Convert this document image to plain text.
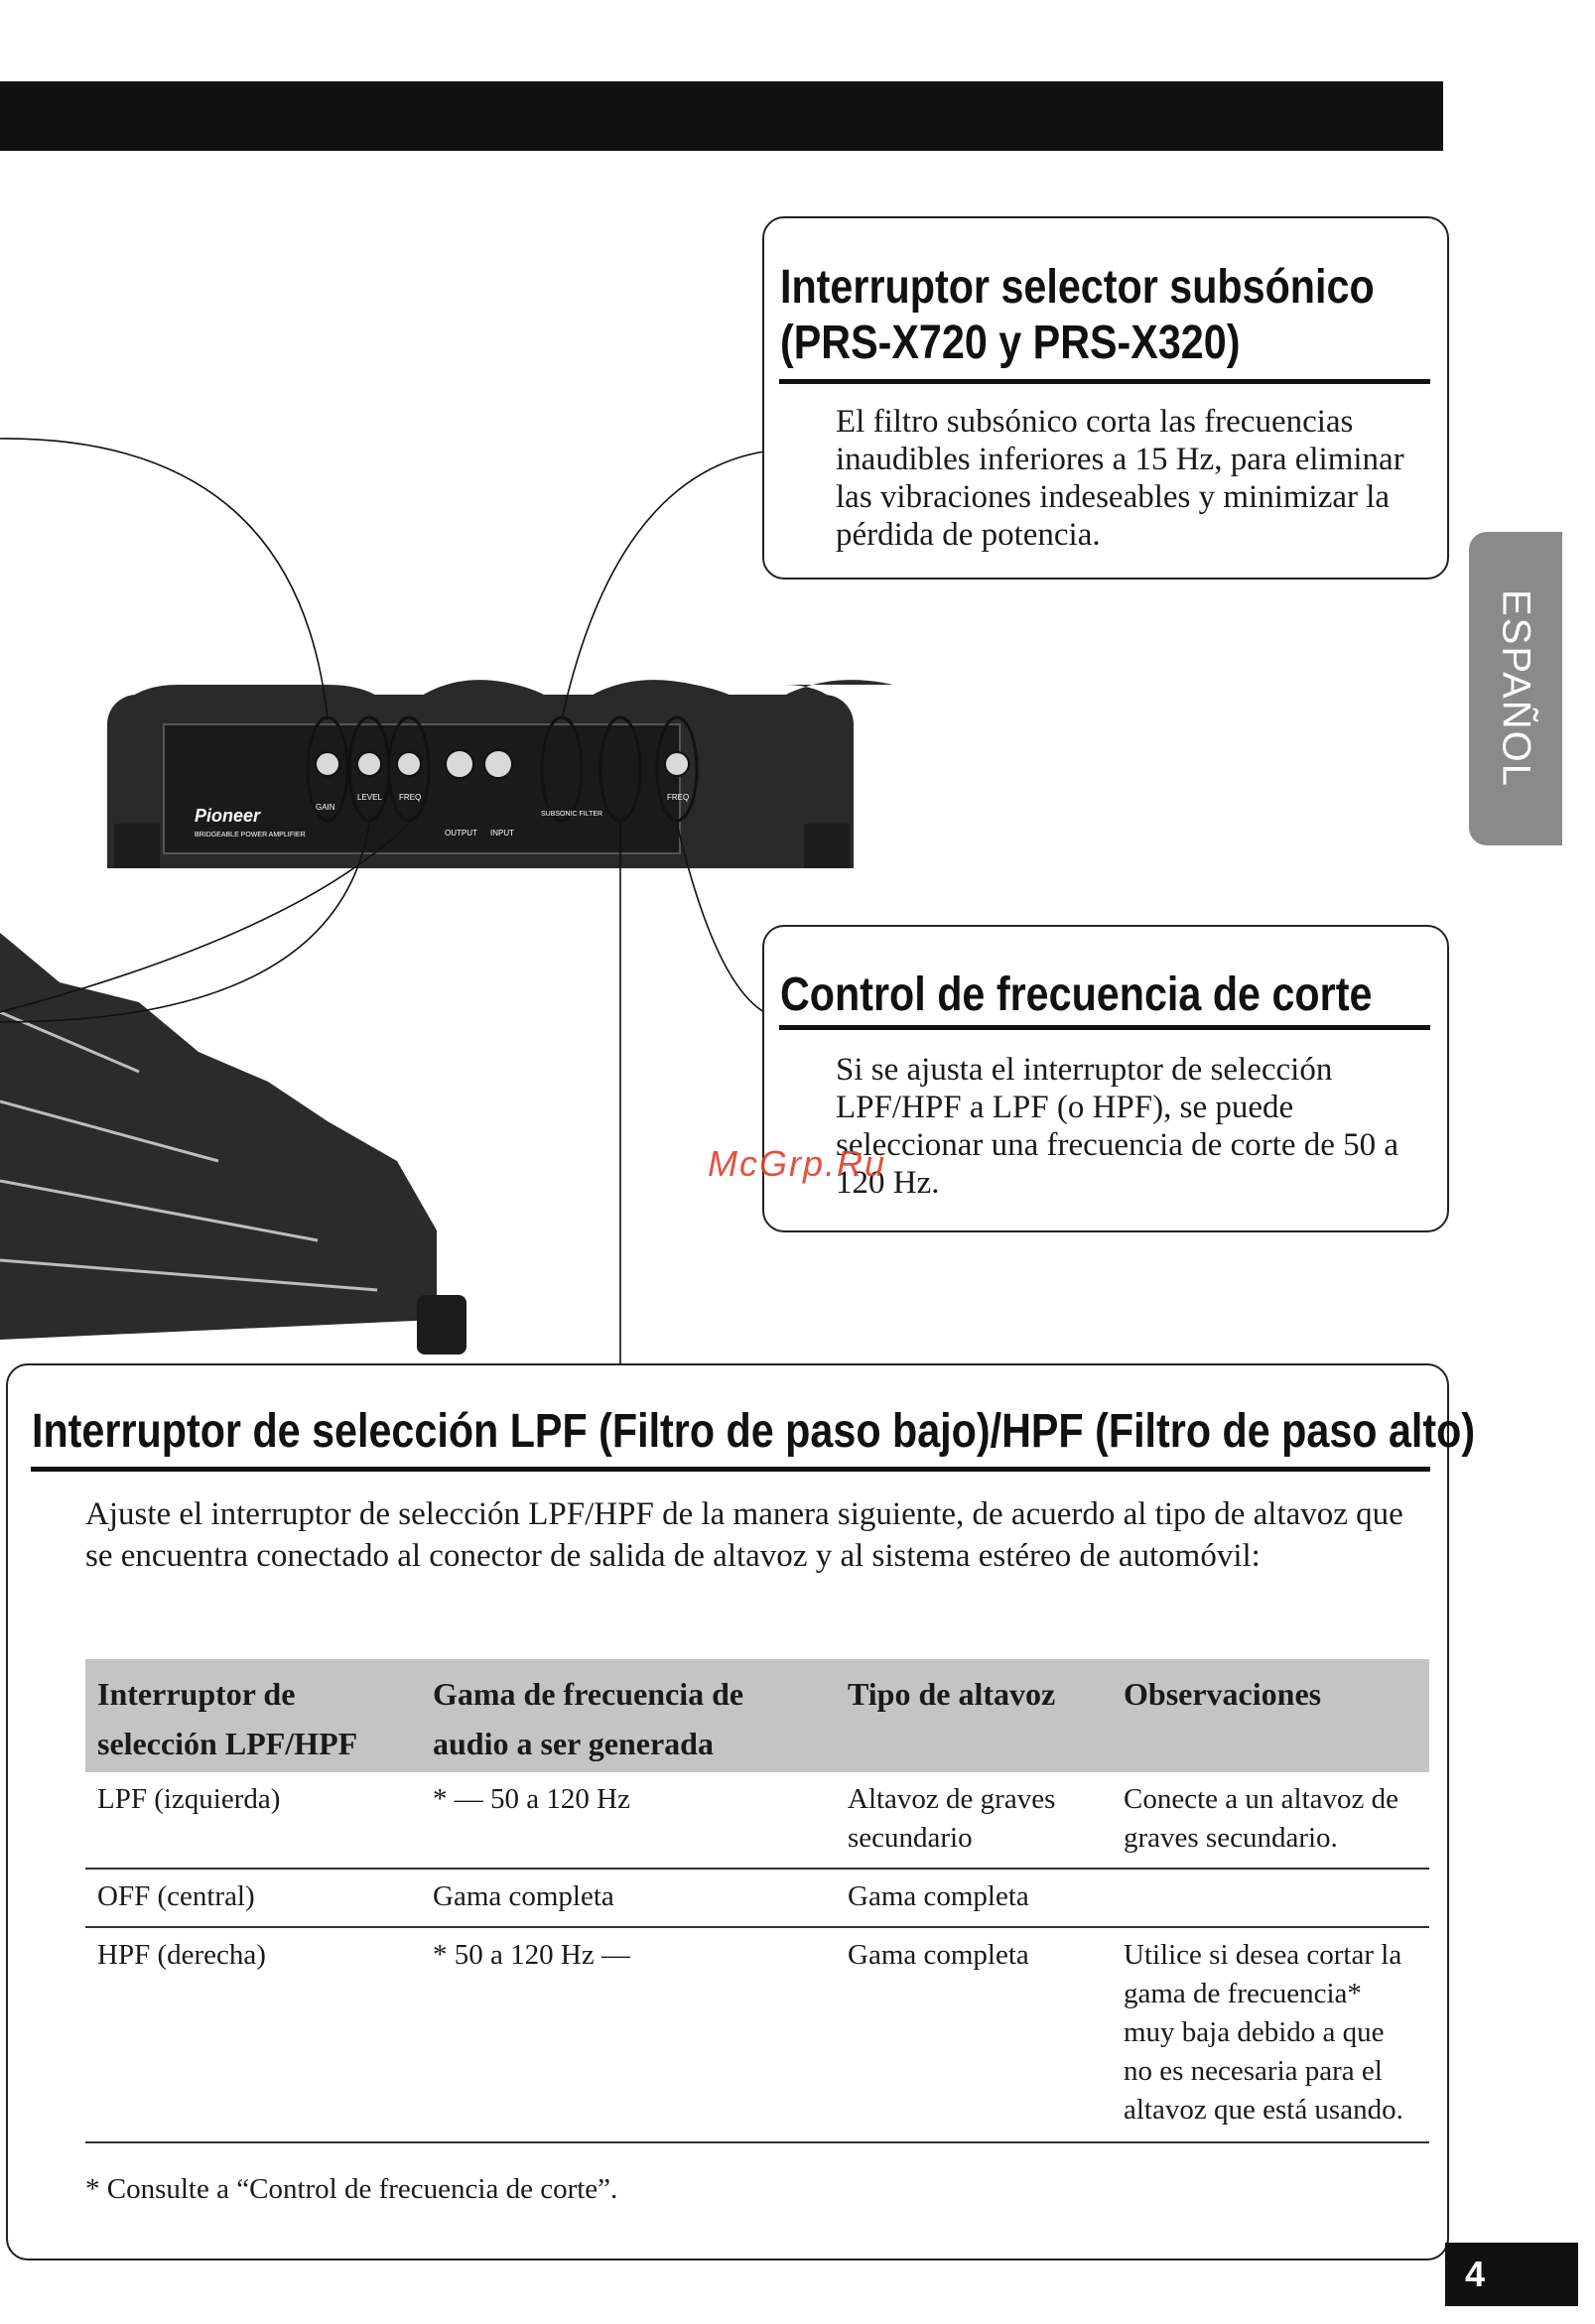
Pioneer
BRIDGEABLE POWER AMPLIFIER
GAIN
LEVEL FREQ
OUTPUT INPUT
SUBSONIC FILTER
FREQ
Interruptor selector subsónico
(PRS-X720 y PRS-X320)
El filtro subsónico corta las frecuencias inaudibles inferiores a 15 Hz, para eliminar las vibraciones indeseables y minimizar la pérdida de potencia.
Control de frecuencia de corte
Si se ajusta el interruptor de selección LPF/HPF a LPF (o HPF), se puede seleccionar una frecuencia de corte de 50 a 120 Hz.
ESPAÑOL
McGrp.Ru
Interruptor de selección LPF (Filtro de paso bajo)/HPF (Filtro de paso alto)
Ajuste el interruptor de selección LPF/HPF de la manera siguiente, de acuerdo al tipo de altavoz que se encuentra conectado al conector de salida de altavoz y al sistema estéreo de automóvil:
Interruptor de selección LPF/HPF	Gama de frecuencia de audio a ser generada	Tipo de altavoz	Observaciones
LPF (izquierda)	* — 50 a 120 Hz	Altavoz de graves secundario	Conecte a un altavoz de graves secundario.
OFF (central)	Gama completa	Gama completa	
HPF (derecha)	* 50 a 120 Hz —	Gama completa	Utilice si desea cortar la gama de frecuencia* muy baja debido a que no es necesaria para el altavoz que está usando.
* Consulte a “Control de frecuencia de corte”.
4
